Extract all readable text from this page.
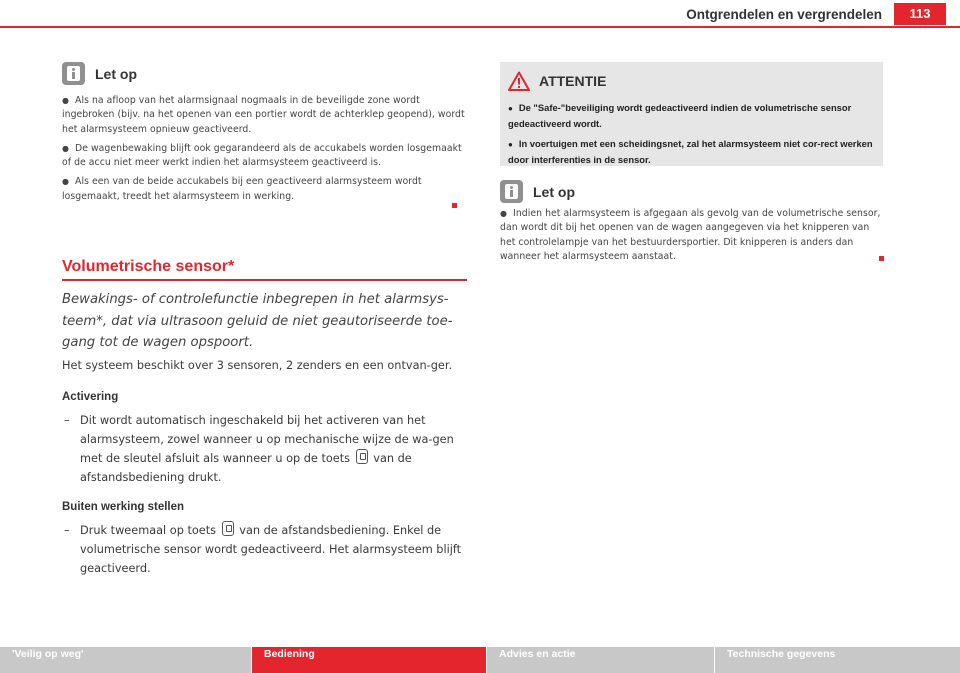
Ontgrendelen en vergrendelen	113
Let op

● Als na afloop van het alarmsignaal nogmaals in de beveiligde zone wordt ingebroken (bijv. na het openen van een portier wordt de achterklep geopend), wordt het alarmsysteem opnieuw geactiveerd.

● De wagenbewaking blijft ook gegarandeerd als de accukabels worden losgemaakt of de accu niet meer werkt indien het alarmsysteem geactiveerd is.

● Als een van de beide accukabels bij een geactiveerd alarmsysteem wordt losgemaakt, treedt het alarmsysteem in werking.

Volumetrische sensor*
Bewakings- of controlefunctie inbegrepen in het alarmsys-teem*, dat via ultrasoon geluid de niet geautoriseerde toe-gang tot de wagen opspoort.

Het systeem beschikt over 3 sensoren, 2 zenders en een ontvan-ger.

Activering

– Dit wordt automatisch ingeschakeld bij het activeren van het alarmsysteem, zowel wanneer u op mechanische wijze de wa-gen met de sleutel afsluit als wanneer u op de toets van de afstandsbediening drukt.

Buiten werking stellen

– Druk tweemaal op toets van de afstandsbediening. Enkel de volumetrische sensor wordt gedeactiveerd. Het alarmsysteem blijft geactiveerd.
ATTENTIE

● De "Safe-"beveiliging wordt gedeactiveerd indien de volumetrische sensor gedeactiveerd wordt.

● In voertuigen met een scheidingsnet, zal het alarmsysteem niet cor-rect werken door interferenties in de sensor.

Let op

● Indien het alarmsysteem is afgegaan als gevolg van de volumetrische sensor, dan wordt dit bij het openen van de wagen aangegeven via het knipperen van het controlelampje van het bestuurdersportier. Dit knipperen is anders dan wanneer het alarmsysteem aanstaat.

'Veilig op weg'	Bediening	Advies en actie	Technische gegevens
